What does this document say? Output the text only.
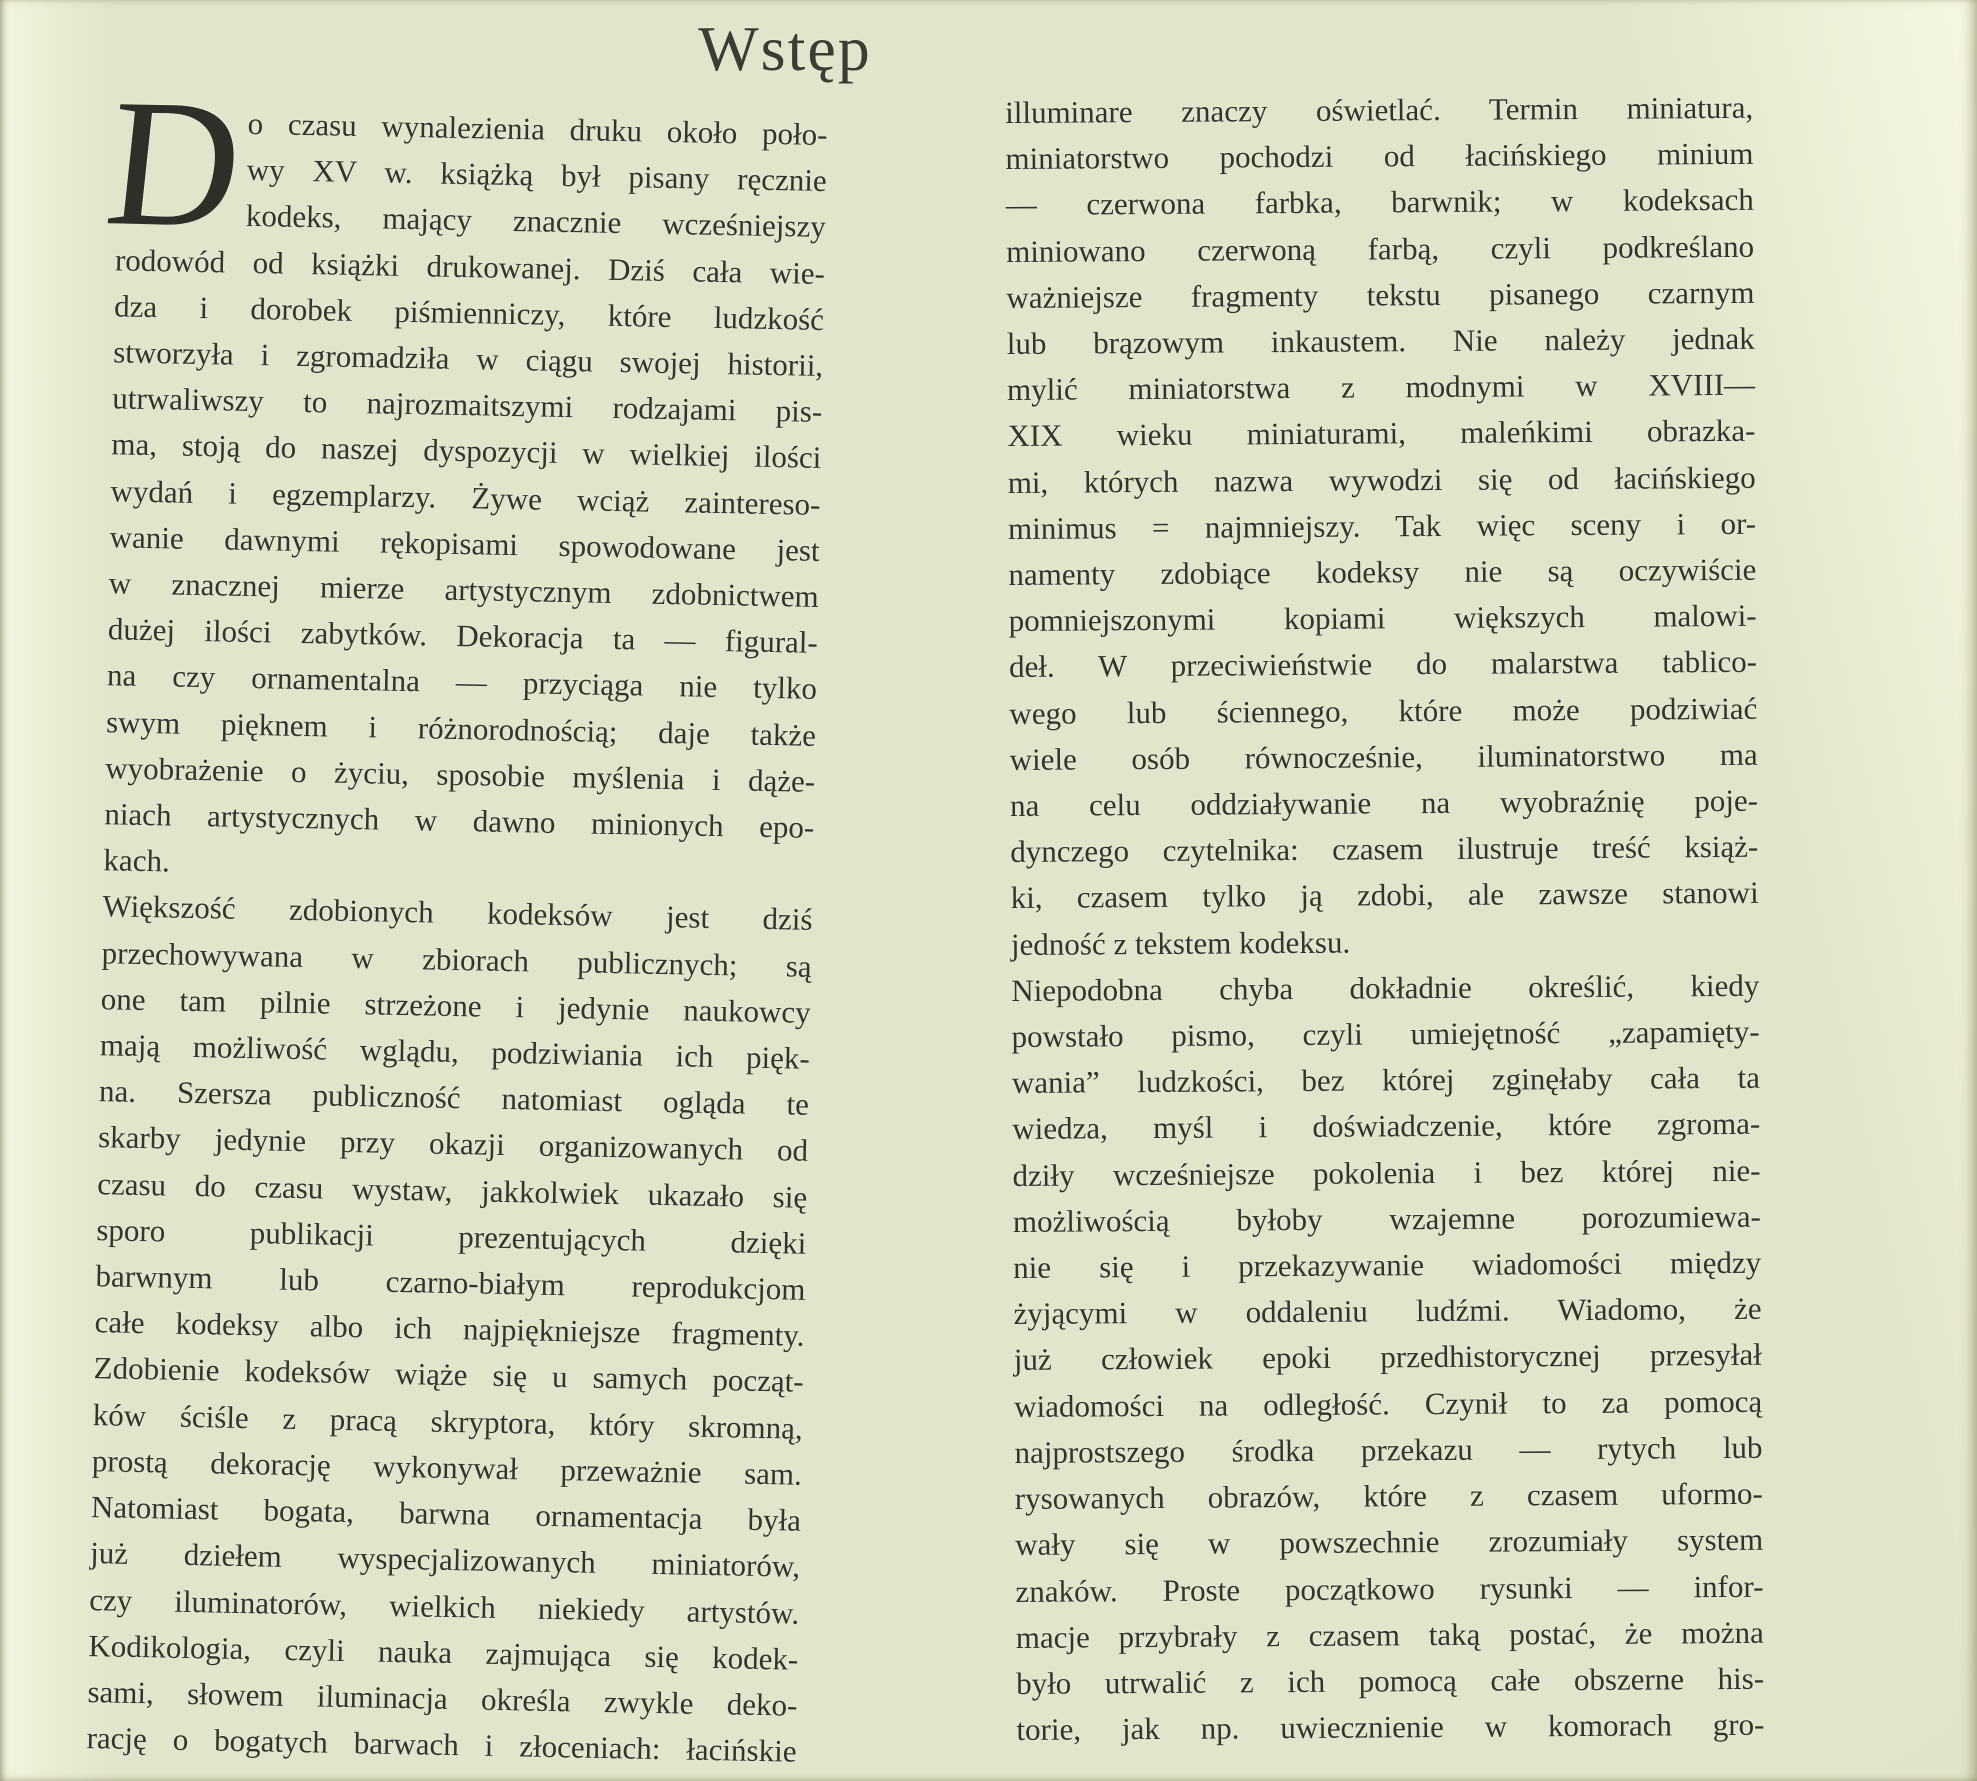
Wstęp
D
o czasu wynalezienia druku około poło-
wy XV w. książką był pisany ręcznie
kodeks, mający znacznie wcześniejszy
rodowód od książki drukowanej. Dziś cała wie-
dza i dorobek piśmienniczy, które ludzkość
stworzyła i zgromadziła w ciągu swojej historii,
utrwaliwszy to najrozmaitszymi rodzajami pis-
ma, stoją do naszej dyspozycji w wielkiej ilości
wydań i egzemplarzy. Żywe wciąż zaintereso-
wanie dawnymi rękopisami spowodowane jest
w znacznej mierze artystycznym zdobnictwem
dużej ilości zabytków. Dekoracja ta — figural-
na czy ornamentalna — przyciąga nie tylko
swym pięknem i różnorodnością; daje także
wyobrażenie o życiu, sposobie myślenia i dąże-
niach artystycznych w dawno minionych epo-
kach.
Większość zdobionych kodeksów jest dziś
przechowywana w zbiorach publicznych; są
one tam pilnie strzeżone i jedynie naukowcy
mają możliwość wglądu, podziwiania ich pięk-
na. Szersza publiczność natomiast ogląda te
skarby jedynie przy okazji organizowanych od
czasu do czasu wystaw, jakkolwiek ukazało się
sporo publikacji prezentujących dzięki
barwnym lub czarno-białym reprodukcjom
całe kodeksy albo ich najpiękniejsze fragmenty.
Zdobienie kodeksów wiąże się u samych począt-
ków ściśle z pracą skryptora, który skromną,
prostą dekorację wykonywał przeważnie sam.
Natomiast bogata, barwna ornamentacja była
już dziełem wyspecjalizowanych miniatorów,
czy iluminatorów, wielkich niekiedy artystów.
Kodikologia, czyli nauka zajmująca się kodek-
sami, słowem iluminacja określa zwykle deko-
rację o bogatych barwach i złoceniach: łacińskie
illuminare znaczy oświetlać. Termin miniatura,
miniatorstwo pochodzi od łacińskiego minium
— czerwona farbka, barwnik; w kodeksach
miniowano czerwoną farbą, czyli podkreślano
ważniejsze fragmenty tekstu pisanego czarnym
lub brązowym inkaustem. Nie należy jednak
mylić miniatorstwa z modnymi w XVIII—
XIX wieku miniaturami, maleńkimi obrazka-
mi, których nazwa wywodzi się od łacińskiego
minimus = najmniejszy. Tak więc sceny i or-
namenty zdobiące kodeksy nie są oczywiście
pomniejszonymi kopiami większych malowi-
deł. W przeciwieństwie do malarstwa tablico-
wego lub ściennego, które może podziwiać
wiele osób równocześnie, iluminatorstwo ma
na celu oddziaływanie na wyobraźnię poje-
dynczego czytelnika: czasem ilustruje treść książ-
ki, czasem tylko ją zdobi, ale zawsze stanowi
jedność z tekstem kodeksu.
Niepodobna chyba dokładnie określić, kiedy
powstało pismo, czyli umiejętność „zapamięty-
wania” ludzkości, bez której zginęłaby cała ta
wiedza, myśl i doświadczenie, które zgroma-
dziły wcześniejsze pokolenia i bez której nie-
możliwością byłoby wzajemne porozumiewa-
nie się i przekazywanie wiadomości między
żyjącymi w oddaleniu ludźmi. Wiadomo, że
już człowiek epoki przedhistorycznej przesyłał
wiadomości na odległość. Czynił to za pomocą
najprostszego środka przekazu — rytych lub
rysowanych obrazów, które z czasem uformo-
wały się w powszechnie zrozumiały system
znaków. Proste początkowo rysunki — infor-
macje przybrały z czasem taką postać, że można
było utrwalić z ich pomocą całe obszerne his-
torie, jak np. uwiecznienie w komorach gro-
